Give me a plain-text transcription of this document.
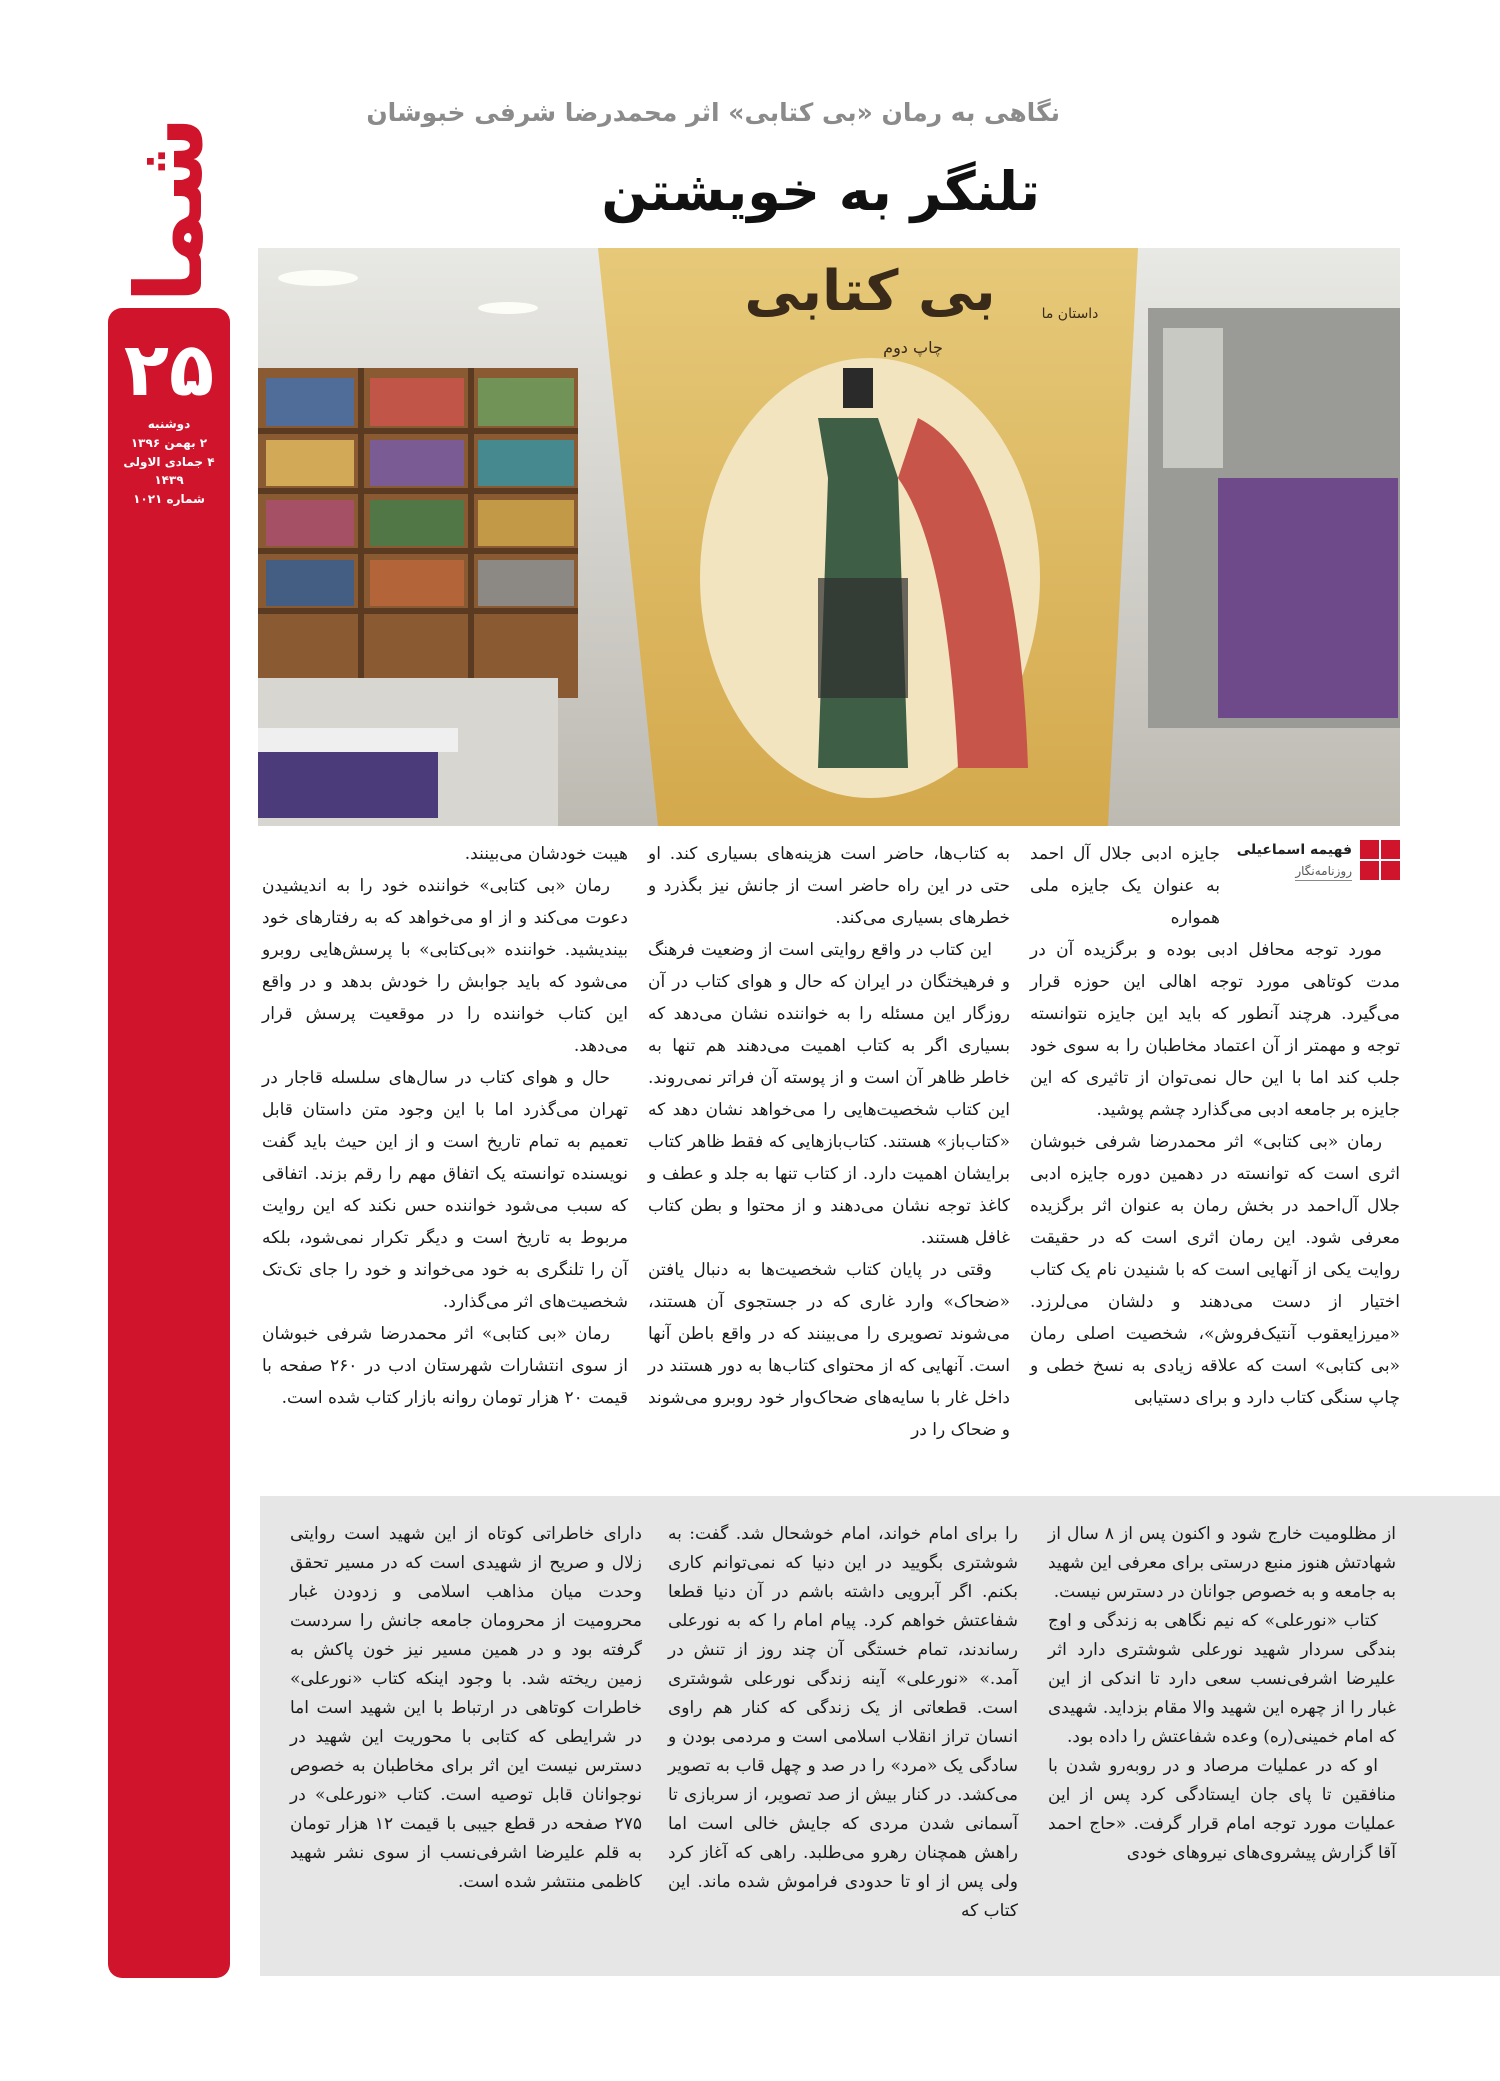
شما
۲۵
دوشنبه
۲ بهمن ۱۳۹۶
۴ جمادی الاولی ۱۴۳۹
شماره ۱۰۲۱
نگاهی به رمان «بی کتابی» اثر محمدرضا شرفی خبوشان
تلنگر به خویشتن
بی کتابی
چاپ دوم
داستان ما
فهیمه اسماعیلی
روزنامه‌نگار

جایزه ادبی جلال آل احمد به عنوان یک جایزه ملی همواره

مورد توجه محافل ادبی بوده و برگزیده آن در مدت کوتاهی مورد توجه اهالی این حوزه قرار می‌گیرد. هرچند آنطور که باید این جایزه نتوانسته توجه و مهمتر از آن اعتماد مخاطبان را به سوی خود جلب کند اما با این حال نمی‌توان از تاثیری که این جایزه بر جامعه ادبی می‌گذارد چشم پوشید.

رمان «بی کتابی» اثر محمدرضا شرفی خبوشان اثری است که توانسته در دهمین دوره جایزه ادبی جلال آل‌احمد در بخش رمان به عنوان اثر برگزیده معرفی شود. این رمان اثری است که در حقیقت روایت یکی از آنهایی است که با شنیدن نام یک کتاب اختیار از دست می‌دهند و دلشان می‌لرزد. «میرزایعقوب آنتیک‌فروش»، شخصیت اصلی رمان «بی کتابی» است که علاقه زیادی به نسخ خطی و چاپ سنگی کتاب دارد و برای دستیابی

به کتاب‌ها، حاضر است هزینه‌های بسیاری کند. او حتی در این راه حاضر است از جانش نیز بگذرد و خطرهای بسیاری می‌کند.

این کتاب در واقع روایتی است از وضعیت فرهنگ و فرهیختگان در ایران که حال و هوای کتاب در آن روزگار این مسئله را به خواننده نشان می‌دهد که بسیاری اگر به کتاب اهمیت می‌دهند هم تنها به خاطر ظاهر آن است و از پوسته آن فراتر نمی‌روند. این کتاب شخصیت‌هایی را می‌خواهد نشان دهد که «کتاب‌باز» هستند. کتاب‌بازهایی که فقط ظاهر کتاب برایشان اهمیت دارد. از کتاب تنها به جلد و عطف و کاغذ توجه نشان می‌دهند و از محتوا و بطن کتاب غافل هستند.

وقتی در پایان کتاب شخصیت‌ها به دنبال یافتن «ضحاک» وارد غاری که در جستجوی آن هستند، می‌شوند تصویری را می‌بینند که در واقع باطن آنها است. آنهایی که از محتوای کتاب‌ها به دور هستند در داخل غار با سایه‌های ضحاک‌وار خود روبرو می‌شوند و ضحاک را در

هیبت خودشان می‌بینند.

رمان «بی کتابی» خواننده خود را به اندیشیدن دعوت می‌کند و از او می‌خواهد که به رفتارهای خود بیندیشید. خواننده «بی‌کتابی» با پرسش‌هایی روبرو می‌شود که باید جوابش را خودش بدهد و در واقع این کتاب خواننده را در موقعیت پرسش قرار می‌دهد.

حال و هوای کتاب در سال‌های سلسله قاجار در تهران می‌گذرد اما با این وجود متن داستان قابل تعمیم به تمام تاریخ است و از این حیث باید گفت نویسنده توانسته یک اتفاق مهم را رقم بزند. اتفاقی که سبب می‌شود خواننده حس نکند که این روایت مربوط به تاریخ است و دیگر تکرار نمی‌شود، بلکه آن را تلنگری به خود می‌خواند و خود را جای تک‌تک شخصیت‌های اثر می‌گذارد.

رمان «بی کتابی» اثر محمدرضا شرفی خبوشان از سوی انتشارات شهرستان ادب در ۲۶۰ صفحه با قیمت ۲۰ هزار تومان روانه بازار کتاب شده است.

از مظلومیت خارج شود و اکنون پس از ۸ سال از شهادتش هنوز منبع درستی برای معرفی این شهید به جامعه و به خصوص جوانان در دسترس نیست.

کتاب «نورعلی» که نیم نگاهی به زندگی و اوج بندگی سردار شهید نورعلی شوشتری دارد اثر علیرضا اشرفی‌نسب سعی دارد تا اندکی از این غبار را از چهره این شهید والا مقام بزداید. شهیدی که امام خمینی(ره) وعده شفاعتش را داده بود.

او که در عملیات مرصاد و در روبه‌رو شدن با منافقین تا پای جان ایستادگی کرد پس از این عملیات مورد توجه امام قرار گرفت. «حاج احمد آقا گزارش پیشروی‌های نیروهای خودی

را برای امام خواند، امام خوشحال شد. گفت: به شوشتری بگویید در این دنیا که نمی‌توانم کاری بکنم. اگر آبرویی داشته باشم در آن دنیا قطعا شفاعتش خواهم کرد. پیام امام را که به نورعلی رساندند، تمام خستگی آن چند روز از تنش در آمد.» «نورعلی» آینه زندگی نورعلی شوشتری است. قطعاتی از یک زندگی که کنار هم راوی انسان تراز انقلاب اسلامی است و مردمی بودن و سادگی یک «مرد» را در صد و چهل قاب به تصویر می‌کشد. در کنار بیش از صد تصویر، از سربازی تا آسمانی شدن مردی که جایش خالی است اما راهش همچنان رهرو می‌طلبد. راهی که آغاز کرد ولی پس از او تا حدودی فراموش شده ماند. این کتاب که

دارای خاطراتی کوتاه از این شهید است روایتی زلال و صریح از شهیدی است که در مسیر تحقق وحدت میان مذاهب اسلامی و زدودن غبار محرومیت از محرومان جامعه جانش را سردست گرفته بود و در همین مسیر نیز خون پاکش به زمین ریخته شد. با وجود اینکه کتاب «نورعلی» خاطرات کوتاهی در ارتباط با این شهید است اما در شرایطی که کتابی با محوریت این شهید در دسترس نیست این اثر برای مخاطبان به خصوص نوجوانان قابل توصیه است. کتاب «نورعلی» در ۲۷۵ صفحه در قطع جیبی با قیمت ۱۲ هزار تومان به قلم علیرضا اشرفی‌نسب از سوی نشر شهید کاظمی منتشر شده است.
